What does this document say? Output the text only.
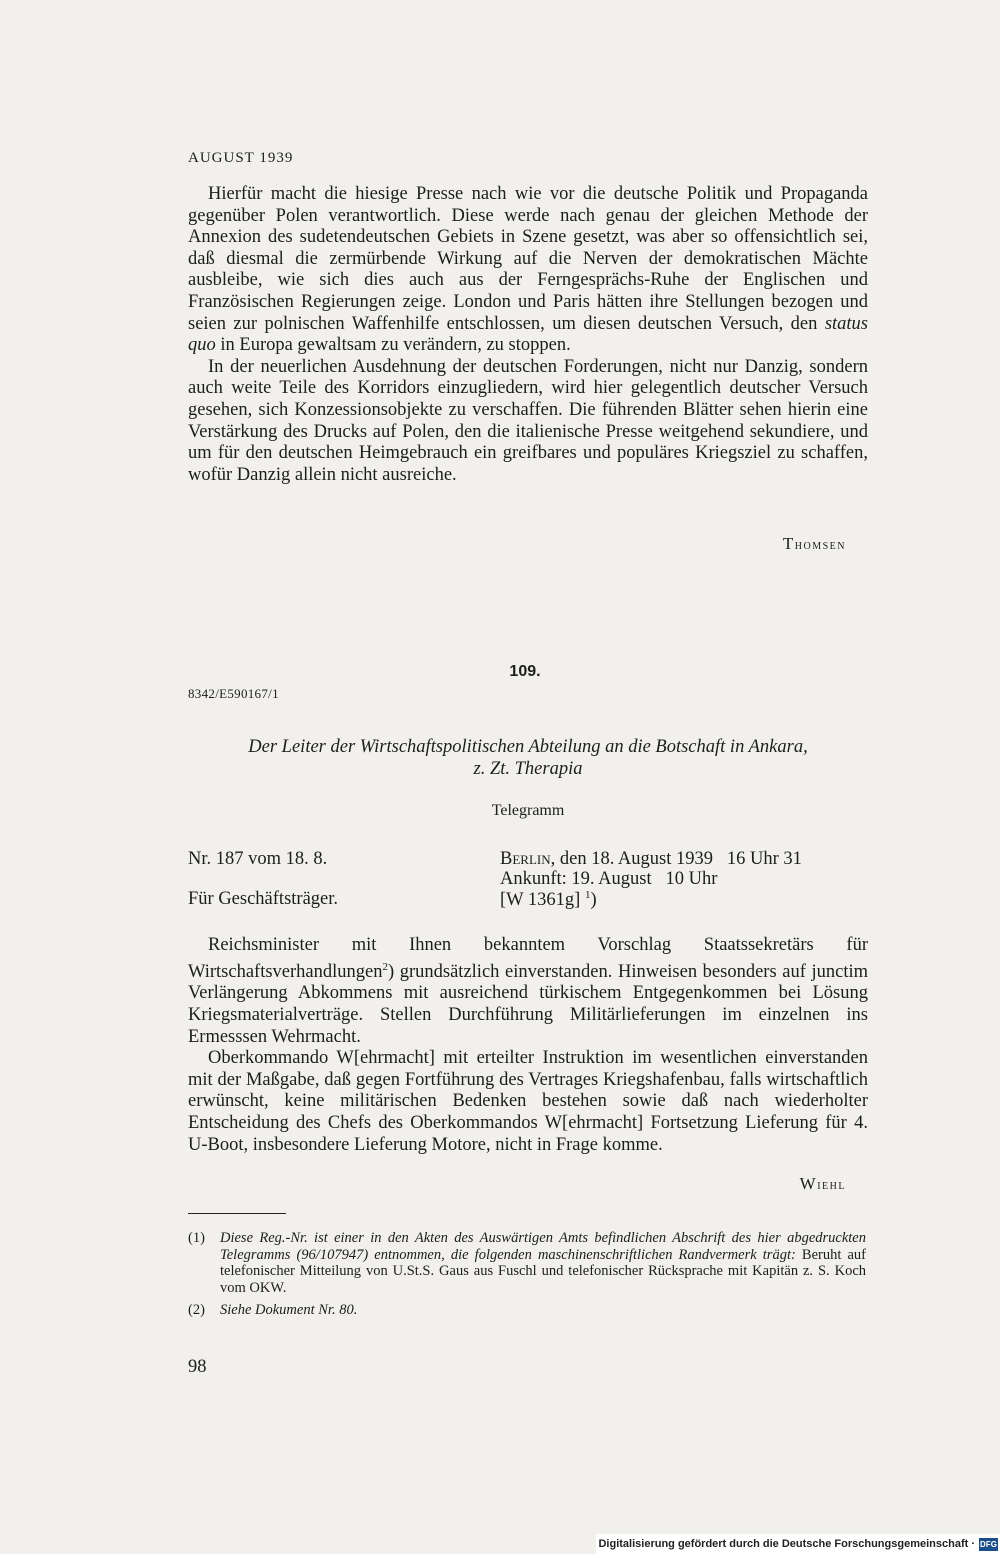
AUGUST 1939

Hierfür macht die hiesige Presse nach wie vor die deutsche Politik und Propaganda gegenüber Polen verantwortlich. Diese werde nach genau der gleichen Methode der Annexion des sudetendeutschen Gebiets in Szene gesetzt, was aber so offensichtlich sei, daß diesmal die zermürbende Wirkung auf die Nerven der demokratischen Mächte ausbleibe, wie sich dies auch aus der Ferngesprächs-Ruhe der Englischen und Französischen Regierungen zeige. London und Paris hätten ihre Stellungen bezogen und seien zur polnischen Waffenhilfe entschlossen, um diesen deutschen Versuch, den status quo in Europa gewaltsam zu verändern, zu stoppen.

In der neuerlichen Ausdehnung der deutschen Forderungen, nicht nur Danzig, sondern auch weite Teile des Korridors einzugliedern, wird hier gelegentlich deutscher Versuch gesehen, sich Konzessionsobjekte zu verschaffen. Die führenden Blätter sehen hierin eine Verstärkung des Drucks auf Polen, den die italienische Presse weitgehend sekundiere, und um für den deutschen Heimgebrauch ein greifbares und populäres Kriegsziel zu schaffen, wofür Danzig allein nicht ausreiche.

Thomsen
109.
8342/E590167/1
Der Leiter der Wirtschaftspolitischen Abteilung an die Botschaft in Ankara,
z. Zt. Therapia
Telegramm
Nr. 187 vom 18. 8.
Für Geschäftsträger.
Berlin, den 18. August 1939   16 Uhr 31
Ankunft: 19. August   10 Uhr
[W 1361g] $^1$)

Reichsminister mit Ihnen bekanntem Vorschlag Staatssekretärs für Wirtschaftsverhandlungen$^2$) grundsätzlich einverstanden. Hinweisen besonders auf junctim Verlängerung Abkommens mit ausreichend türkischem Entgegenkommen bei Lösung Kriegsmaterialverträge. Stellen Durchführung Militärlieferungen im einzelnen ins Ermesssen Wehrmacht.

Oberkommando W[ehrmacht] mit erteilter Instruktion im wesentlichen einverstanden mit der Maßgabe, daß gegen Fortführung des Vertrages Kriegshafenbau, falls wirtschaftlich erwünscht, keine militärischen Bedenken bestehen sowie daß nach wiederholter Entscheidung des Chefs des Oberkommandos W[ehrmacht] Fortsetzung Lieferung für 4. U-Boot, insbesondere Lieferung Motore, nicht in Frage komme.

Wiehl
(1) Diese Reg.-Nr. ist einer in den Akten des Auswärtigen Amts befindlichen Abschrift des hier abgedruckten Telegramms (96/107947) entnommen, die folgenden maschinenschriftlichen Randvermerk trägt: Beruht auf telefonischer Mitteilung von U.St.S. Gaus aus Fuschl und telefonischer Rücksprache mit Kapitän z. S. Koch vom OKW.
(2) Siehe Dokument Nr. 80.
98
Digitalisierung gefördert durch die Deutsche Forschungsgemeinschaft · DFG
